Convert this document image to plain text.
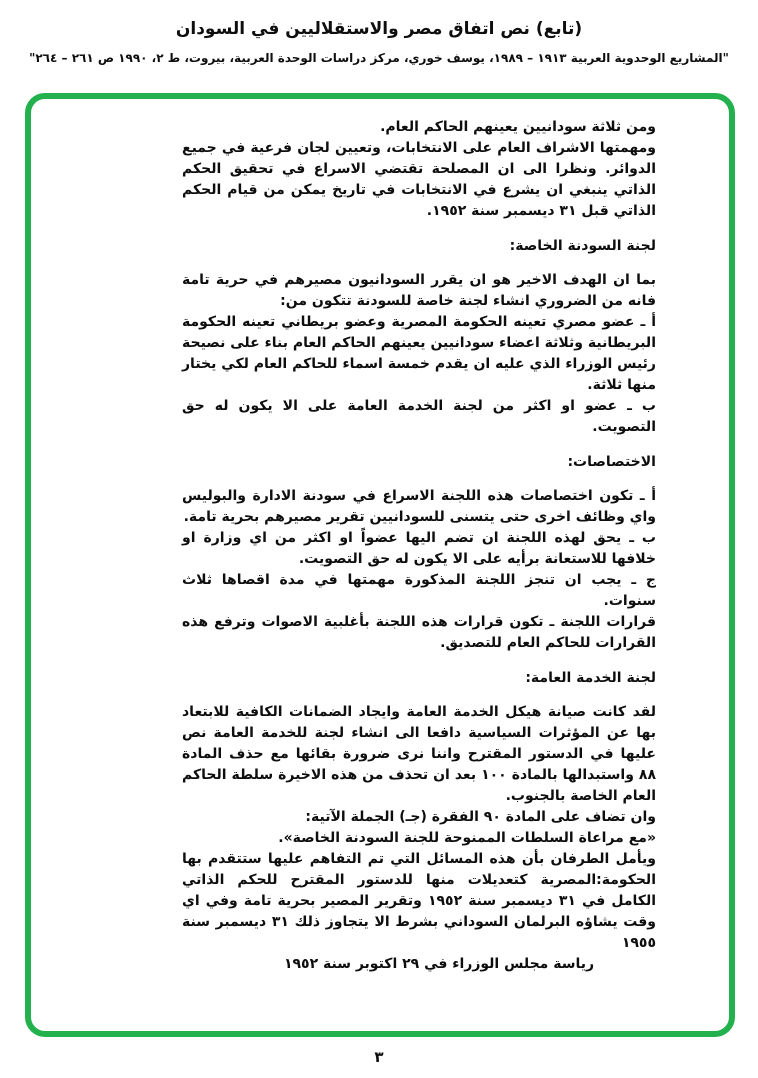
(تابع) نص اتفاق مصر والاستقلاليين في السودان
"المشاريع الوحدوية العربية ١٩١٣ – ١٩٨٩، يوسف خوري، مركز دراسات الوحدة العربية، بيروت، ط ٢، ١٩٩٠ ص ٢٦١ – ٢٦٤"

ومن ثلاثة سودانيين يعينهم الحاكم العام.

ومهمتها الاشراف العام على الانتخابات، وتعيين لجان فرعية في جميع الدوائر. ونظرا الى ان المصلحة تقتضي الاسراع في تحقيق الحكم الذاتي ينبغي ان يشرع في الانتخابات في تاريخ يمكن من قيام الحكم الذاتي قبل ٣١ ديسمبر سنة ١٩٥٢.

لجنة السودنة الخاصة:

بما ان الهدف الاخير هو ان يقرر السودانيون مصيرهم في حرية تامة فانه من الضروري انشاء لجنة خاصة للسودنة تتكون من:

أ ـ عضو مصري تعينه الحكومة المصرية وعضو بريطاني تعينه الحكومة البريطانية وثلاثة اعضاء سودانيين يعينهم الحاكم العام بناء على نصيحة رئيس الوزراء الذي عليه ان يقدم خمسة اسماء للحاكم العام لكي يختار منها ثلاثة.

ب ـ عضو او اكثر من لجنة الخدمة العامة على الا يكون له حق التصويت.

الاختصاصات:

أ ـ تكون اختصاصات هذه اللجنة الاسراع في سودنة الادارة والبوليس واي وظائف اخرى حتى يتسنى للسودانيين تقرير مصيرهم بحرية تامة.

ب ـ يحق لهذه اللجنة ان تضم اليها عضواً او اكثر من اي وزارة او خلافها للاستعانة برأيه على الا يكون له حق التصويت.

ج ـ يجب ان تنجز اللجنة المذكورة مهمتها في مدة اقصاها ثلاث سنوات.

قرارات اللجنة ـ تكون قرارات هذه اللجنة بأغلبية الاصوات وترفع هذه القرارات للحاكم العام للتصديق.

لجنة الخدمة العامة:

لقد كانت صيانة هيكل الخدمة العامة وايجاد الضمانات الكافية للابتعاد بها عن المؤثرات السياسية دافعا الى انشاء لجنة للخدمة العامة نص عليها في الدستور المقترح واننا نرى ضرورة بقائها مع حذف المادة ٨٨ واستبدالها بالمادة ١٠٠ بعد ان تحذف من هذه الاخيرة سلطة الحاكم العام الخاصة بالجنوب.

وان تضاف على المادة ٩٠ الفقرة (جـ) الجملة الآتية:

«مع مراعاة السلطات الممنوحة للجنة السودنة الخاصة».

ويأمل الطرفان بأن هذه المسائل التي تم التفاهم عليها ستتقدم بها الحكومة:المصرية كتعديلات منها للدستور المقترح للحكم الذاتي الكامل في ٣١ ديسمبر سنة ١٩٥٢ وتقرير المصير بحرية تامة وفي اي وقت يشاؤه البرلمان السوداني بشرط الا يتجاوز ذلك ٣١ ديسمبر سنة ١٩٥٥

رياسة مجلس الوزراء في ٢٩ اكتوبر سنة ١٩٥٢

٣
